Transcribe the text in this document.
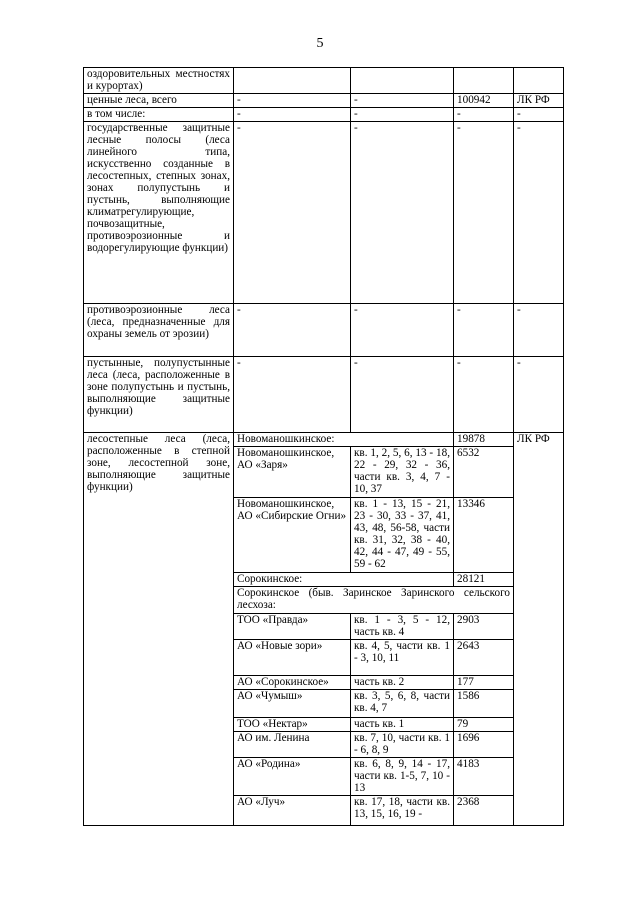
5
оздоровительных местностях и курортах)				
ценные леса, всего	-	-	100942	ЛК РФ
в том числе:	-	-	-	-
государственные защитные лесные полосы (леса линейного типа, искусственно созданные в лесостепных, степных зонах, зонах полупустынь и пустынь, выполняющие климатрегулирующие, почвозащитные, противоэрозионные и водорегулирующие функции)	-	-	-	-
противоэрозионные леса (леса, предназначенные для охраны земель от эрозии)	-	-	-	-
пустынные, полупустынные леса (леса, расположенные в зоне полупустынь и пустынь, выполняющие защитные функции)	-	-	-	-
лесостепные леса (леса, расположенные в степной зоне, лесостепной зоне, выполняющие защитные функции)	Новоманошкинское:		19878	ЛК РФ
	Новоманошкинское, АО «Заря»	кв. 1, 2, 5, 6, 13 - 18, 22 - 29, 32 - 36, части кв. 3, 4, 7 - 10, 37	6532	
	Новоманошкинское, АО «Сибирские Огни»	кв. 1 - 13, 15 - 21, 23 - 30, 33 - 37, 41, 43, 48, 56-58, части кв. 31, 32, 38 - 40, 42, 44 - 47, 49 - 55, 59 - 62	13346	
	Сорокинское:		28121	
	Сорокинское (быв. Заринское Заринского сельского лесхоза:			
	ТОО «Правда»	кв. 1 - 3, 5 - 12, часть кв. 4	2903	
	АО «Новые зори»	кв. 4, 5, части кв. 1 - 3, 10, 11	2643	
	АО «Сорокинское»	часть кв. 2	177	
	АО «Чумыш»	кв. 3, 5, 6, 8, части кв. 4, 7	1586	
	ТОО «Нектар»	часть кв. 1	79	
	АО им. Ленина	кв. 7, 10, части кв. 1 - 6, 8, 9	1696	
	АО «Родина»	кв. 6, 8, 9, 14 - 17, части кв. 1-5, 7, 10 - 13	4183	
	АО «Луч»	кв. 17, 18, части кв. 13, 15, 16, 19 -	2368	
